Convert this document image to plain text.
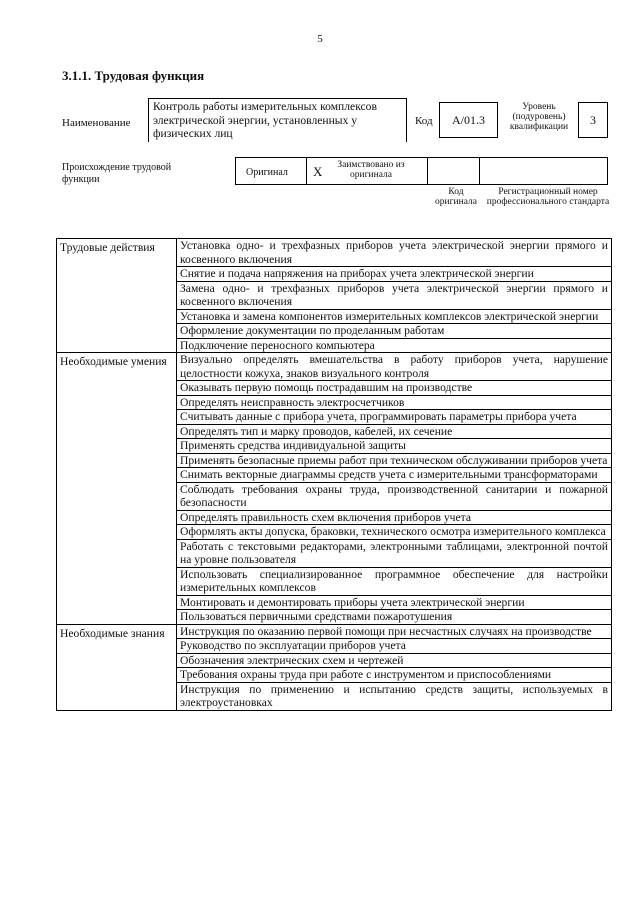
5
3.1.1. Трудовая функция
Наименование
Контроль работы измерительных комплексов электрической энергии, установленных у физических лиц
Код	A/01.3
Уровень (подуровень) квалификации	3
Происхождение трудовой функции
Оригинал X	Заимствовано из оригинала
Код оригинала
Регистрационный номер профессионального стандарта
Трудовые действия	Установка одно- и трехфазных приборов учета электрической энергии прямого и косвенного включения
	Снятие и подача напряжения на приборах учета электрической энергии
	Замена одно- и трехфазных приборов учета электрической энергии прямого и косвенного включения
	Установка и замена компонентов измерительных комплексов электрической энергии
	Оформление документации по проделанным работам
	Подключение переносного компьютера
Необходимые умения	Визуально определять вмешательства в работу приборов учета, нарушение целостности кожуха, знаков визуального контроля
	Оказывать первую помощь пострадавшим на производстве
	Определять неисправность электросчетчиков
	Считывать данные с прибора учета, программировать параметры прибора учета
	Определять тип и марку проводов, кабелей, их сечение
	Применять средства индивидуальной защиты
	Применять безопасные приемы работ при техническом обслуживании приборов учета
	Снимать векторные диаграммы средств учета с измерительными трансформаторами
	Соблюдать требования охраны труда, производственной санитарии и пожарной безопасности
	Определять правильность схем включения приборов учета
	Оформлять акты допуска, браковки, технического осмотра измерительного комплекса
	Работать с текстовыми редакторами, электронными таблицами, электронной почтой на уровне пользователя
	Использовать специализированное программное обеспечение для настройки измерительных комплексов
	Монтировать и демонтировать приборы учета электрической энергии
	Пользоваться первичными средствами пожаротушения
Необходимые знания	Инструкция по оказанию первой помощи при несчастных случаях на производстве
	Руководство по эксплуатации приборов учета
	Обозначения электрических схем и чертежей
	Требования охраны труда при работе с инструментом и приспособлениями
	Инструкция по применению и испытанию средств защиты, используемых в электроустановках
